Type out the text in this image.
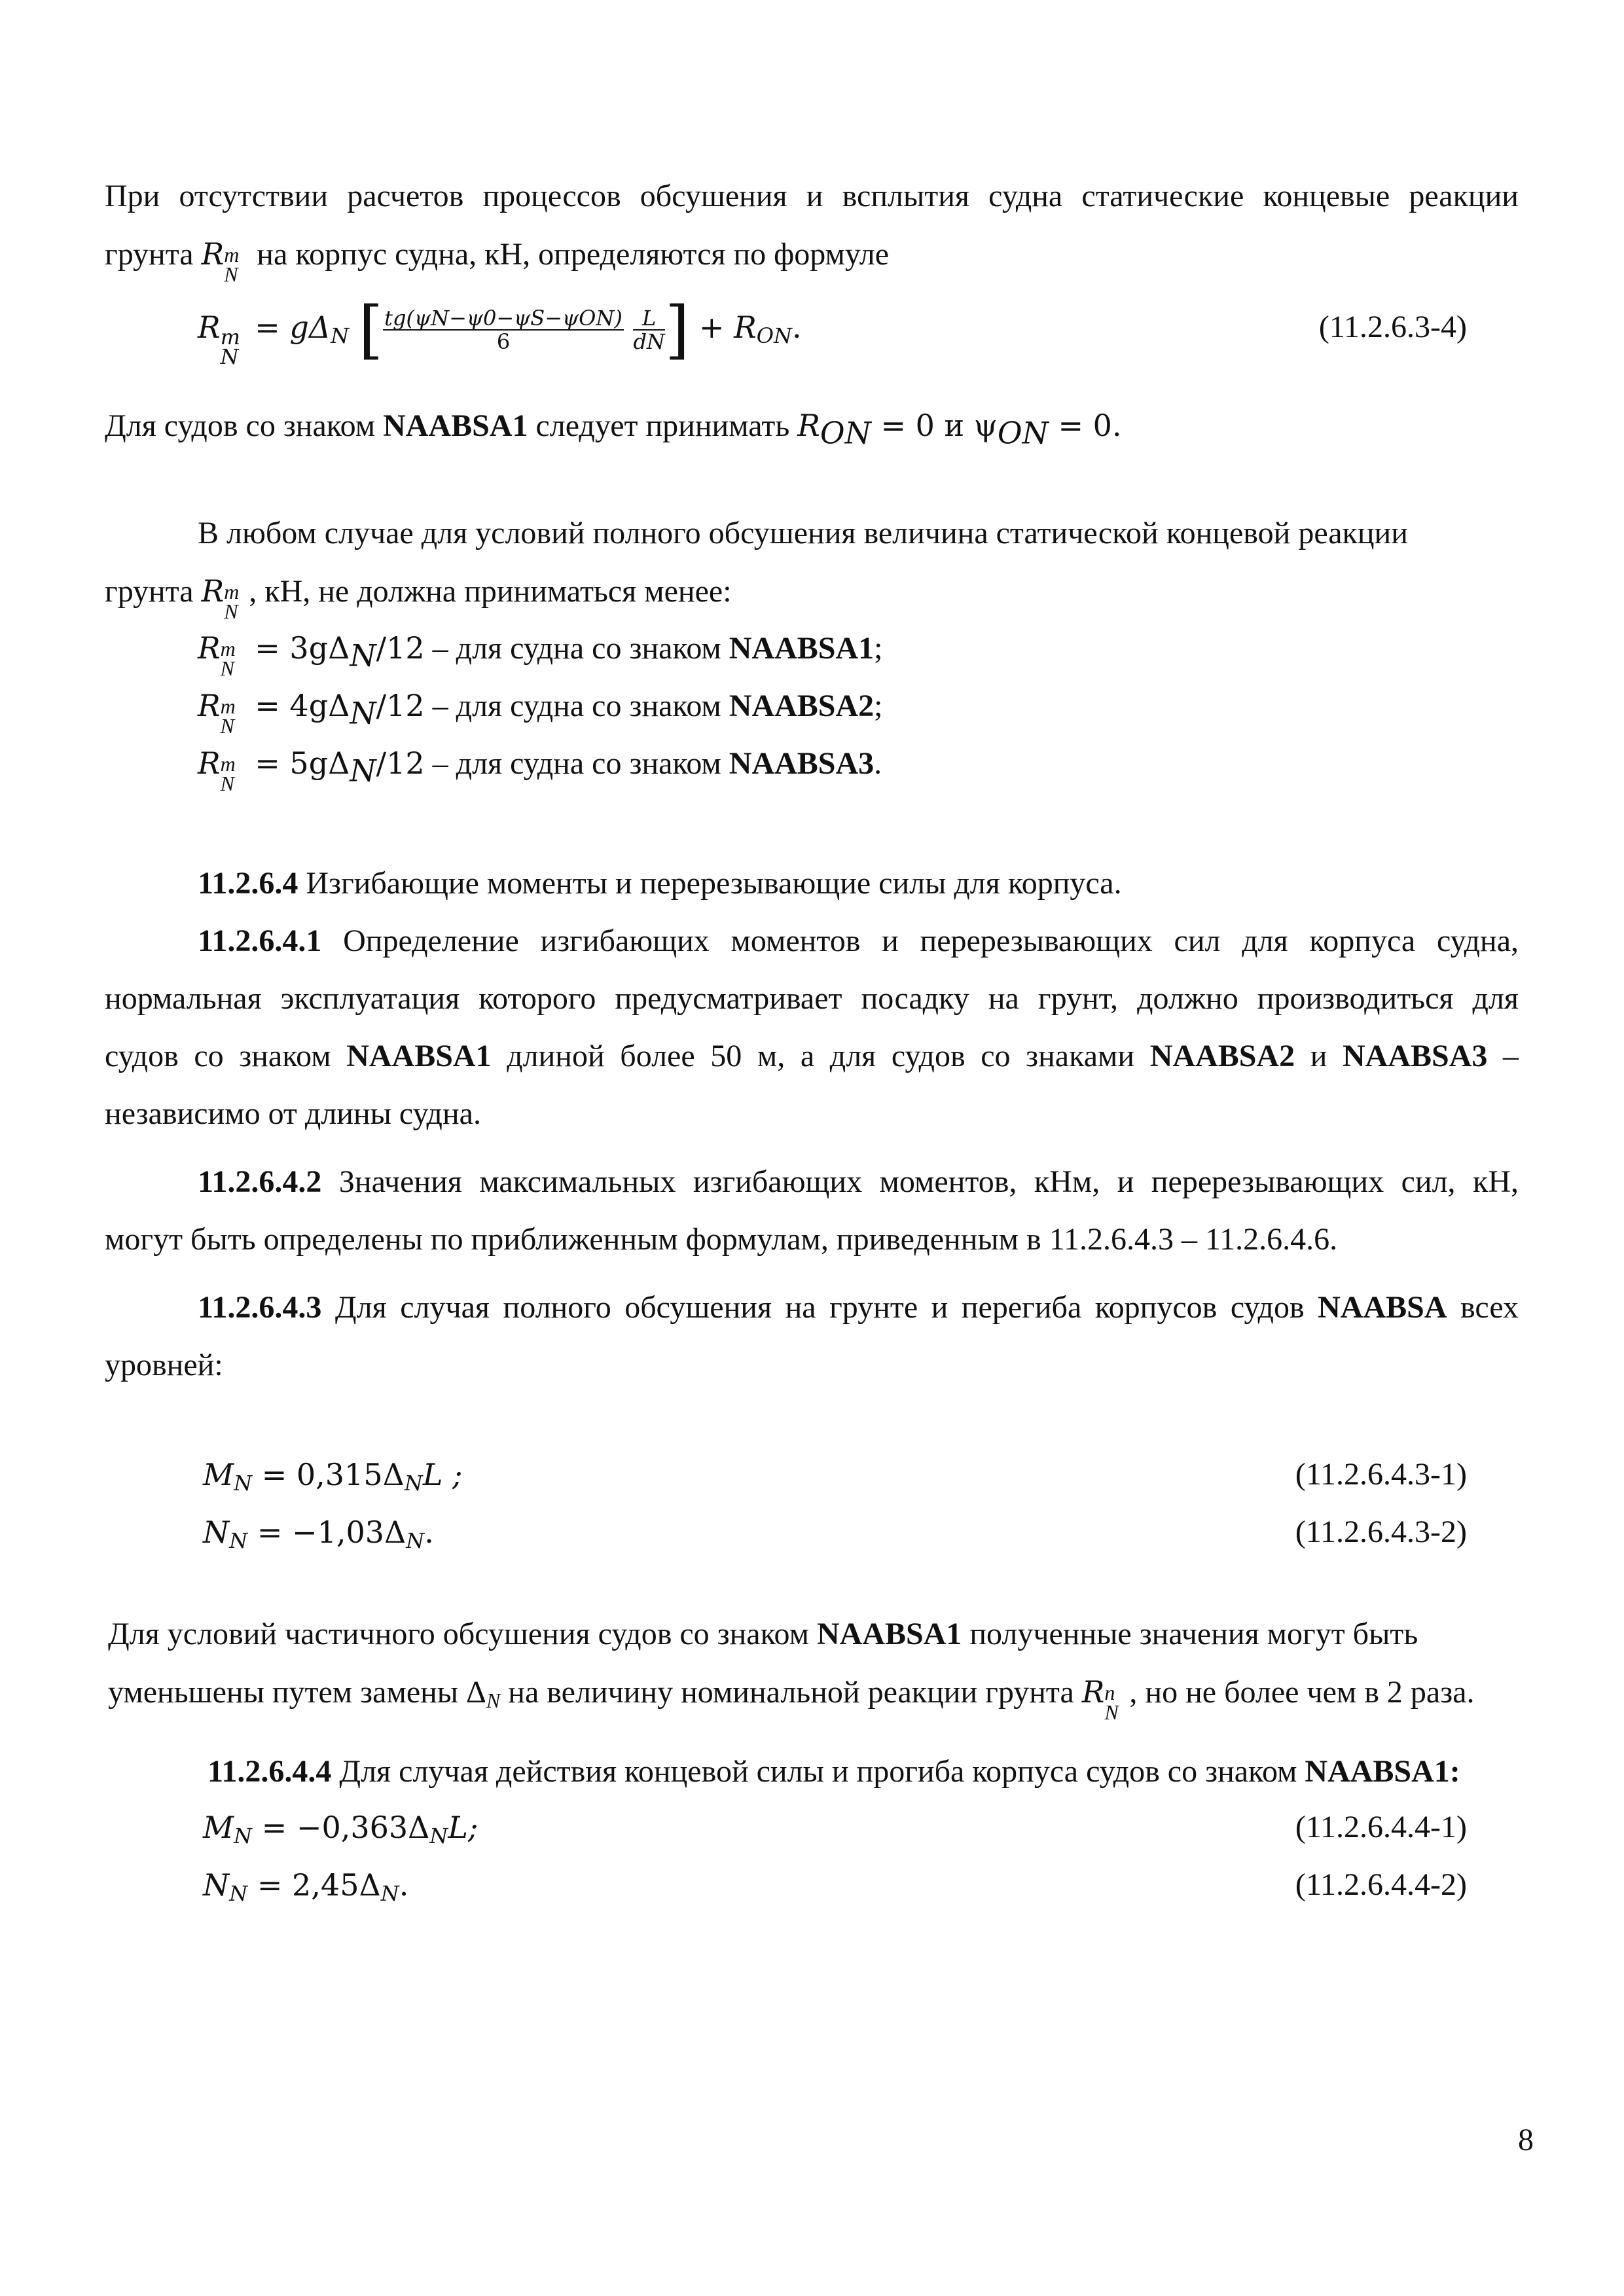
При отсутствии расчетов процессов обсушения и всплытия судна статические концевые реакции
грунта R m
N
на корпус судна, кН, определяются по формуле
R m
N
= $g\Delta_N$ [ $\frac{\text{tg(ψN−ψ0−ψS−ψON)}}{6}$
$\frac{L}{dN}$ ] + $R_{ON}$.	(11.2.6.3-4)
Для судов со знаком NAABSA1 следует принимать $R_{ON} = 0$ и $\psi_{ON} = 0$.
В любом случае для условий полного обсушения величина статической концевой реакции
грунта R m
N
, кН, не должна приниматься менее:
R m
N
= $3g\Delta_N/12$ – для судна со знаком NAABSA1;
R m
N
= $4g\Delta_N/12$ – для судна со знаком NAABSA2;
R m
N
= $5g\Delta_N/12$ – для судна со знаком NAABSA3.
11.2.6.4 Изгибающие моменты и перерезывающие силы для корпуса.
11.2.6.4.1 Определение изгибающих моментов и перерезывающих сил для корпуса судна,
нормальная эксплуатация которого предусматривает посадку на грунт, должно производиться для
судов со знаком NAABSA1 длиной более 50 м, а для судов со знаками NAABSA2 и NAABSA3 –
независимо от длины судна.
11.2.6.4.2 Значения максимальных изгибающих моментов, кНм, и перерезывающих сил, кН,
могут быть определены по приближенным формулам, приведенным в 11.2.6.4.3 – 11.2.6.4.6.
11.2.6.4.3 Для случая полного обсушения на грунте и перегиба корпусов судов NAABSA всех
уровней:
$M_N = 0,315\Delta_NL$ ;	(11.2.6.4.3-1)
$N_N = -1,03\Delta_N$.	(11.2.6.4.3-2)
Для условий частичного обсушения судов со знаком NAABSA1 полученные значения могут быть
уменьшены путем замены $\Delta_N$ на величину номинальной реакции грунта R n
N
, но не более чем в 2 раза.
11.2.6.4.4 Для случая действия концевой силы и прогиба корпуса судов со знаком NAABSA1:
$M_N = -0,363\Delta_NL$;	(11.2.6.4.4-1)
$N_N = 2,45\Delta_N$.	(11.2.6.4.4-2)
8
